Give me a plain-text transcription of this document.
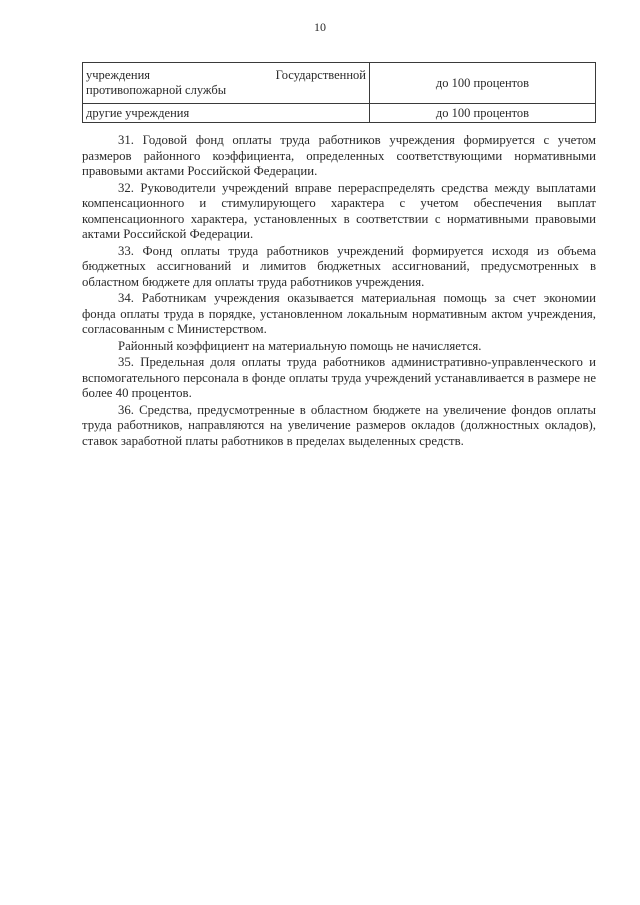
10
учреждения Государственной
противопожарной службы	до 100 процентов
другие учреждения	до 100 процентов

31. Годовой фонд оплаты труда работников учреждения формируется с учетом размеров районного коэффициента, определенных соответствующими нормативными правовыми актами Российской Федерации.

32. Руководители учреждений вправе перераспределять средства между выплатами компенсационного и стимулирующего характера с учетом обеспечения выплат компенсационного характера, установленных в соответствии с нормативными правовыми актами Российской Федерации.

33. Фонд оплаты труда работников учреждений формируется исходя из объема бюджетных ассигнований и лимитов бюджетных ассигнований, предусмотренных в областном бюджете для оплаты труда работников учреждения.

34. Работникам учреждения оказывается материальная помощь за счет экономии фонда оплаты труда в порядке, установленном локальным нормативным актом учреждения, согласованным с Министерством.

Районный коэффициент на материальную помощь не начисляется.

35. Предельная доля оплаты труда работников административно-управленческого и вспомогательного персонала в фонде оплаты труда учреждений устанавливается в размере не более 40 процентов.

36. Средства, предусмотренные в областном бюджете на увеличение фондов оплаты труда работников, направляются на увеличение размеров окладов (должностных окладов), ставок заработной платы работников в пределах выделенных средств.
